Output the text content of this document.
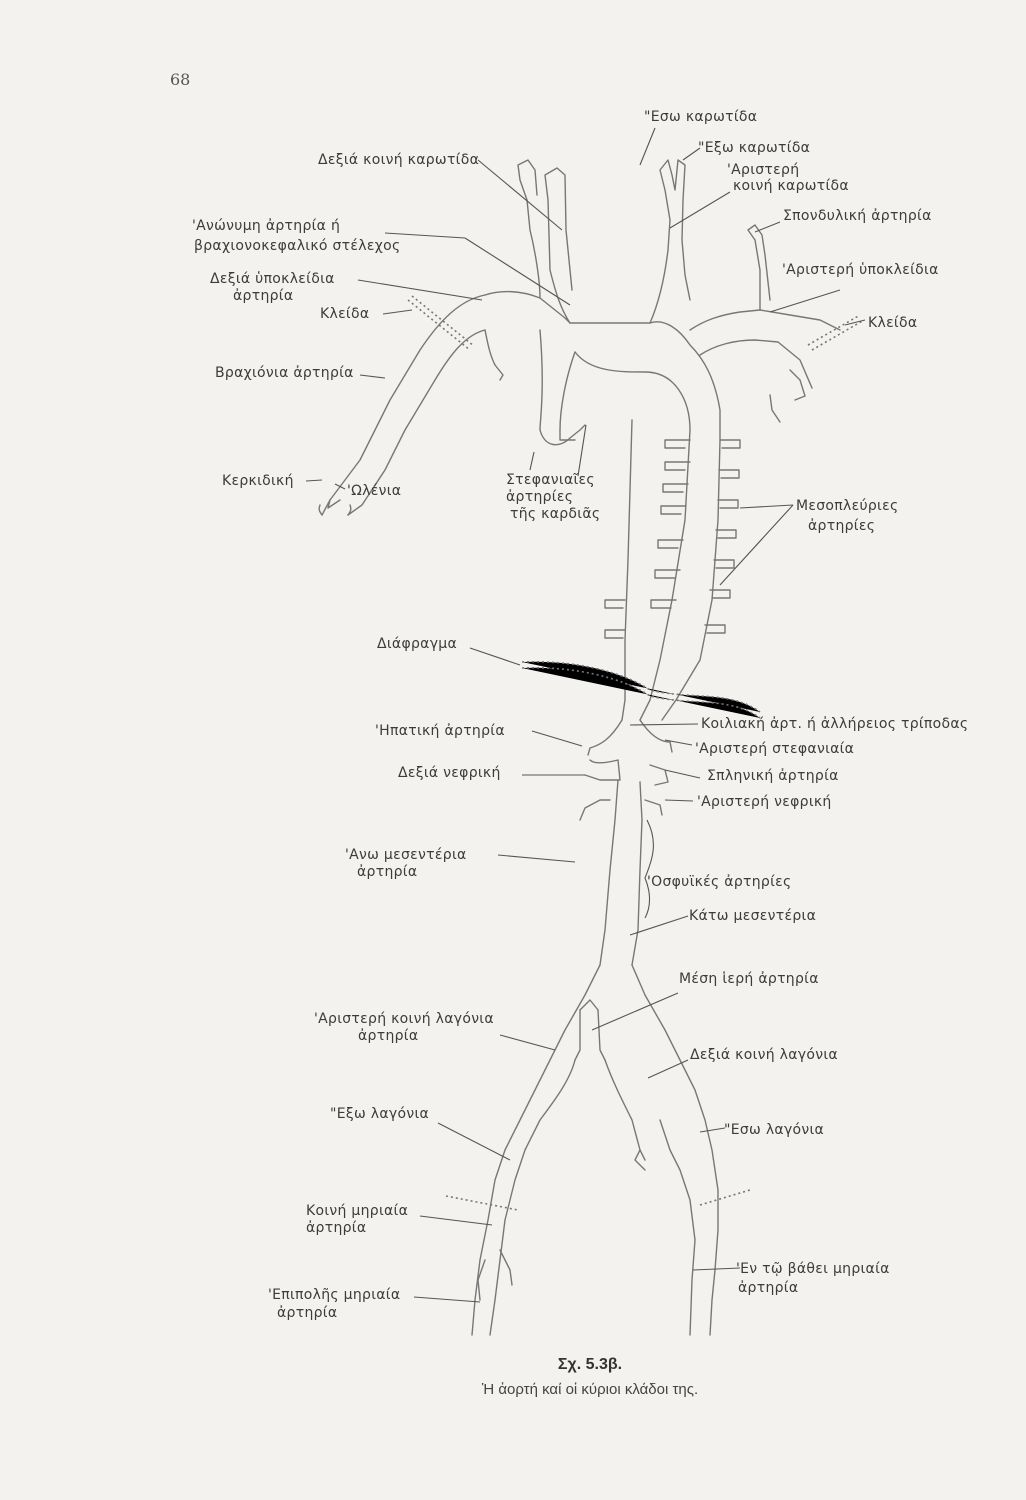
68
"Εσω καρωτίδα
"Εξω καρωτίδα
Δεξιά κοινή καρωτίδα
'Αριστερή
κοινή καρωτίδα
Σπονδυλική ἀρτηρία
'Ανώνυμη ἀρτηρία ή
βραχιονοκεφαλικό στέλεχος
'Αριστερή ὑποκλείδια
Δεξιά ὑποκλείδια
ἀρτηρία
Κλείδα
Κλείδα
Βραχιόνια ἀρτηρία
Κερκιδική
'Ωλένια
Στεφανιαῖες
ἀρτηρίες
τῆς καρδιᾶς	Μεσοπλεύριες
ἀρτηρίες
Διάφραγμα
'Ηπατική ἀρτηρία	Κοιλιακή ἀρτ. ή ἀλλήρειος τρίποδας
'Αριστερή στεφανιαία
Δεξιά νεφρική	Σπληνική ἀρτηρία
'Αριστερή νεφρική
'Ανω μεσεντέρια
ἀρτηρία
'Οσφυϊκές ἀρτηρίες
Κάτω μεσεντέρια
Μέση ἱερή ἀρτηρία
'Αριστερή κοινή λαγόνια
ἀρτηρία
Δεξιά κοινή λαγόνια
"Εξω λαγόνια
"Εσω λαγόνια
Κοινή μηριαία
ἀρτηρία
'Εν τῷ βάθει μηριαία
ἀρτηρία
'Επιπολῆς μηριαία
ἀρτηρία
Σχ. 5.3β.
Ἡ ἀορτή καί οἱ κύριοι κλάδοι της.
